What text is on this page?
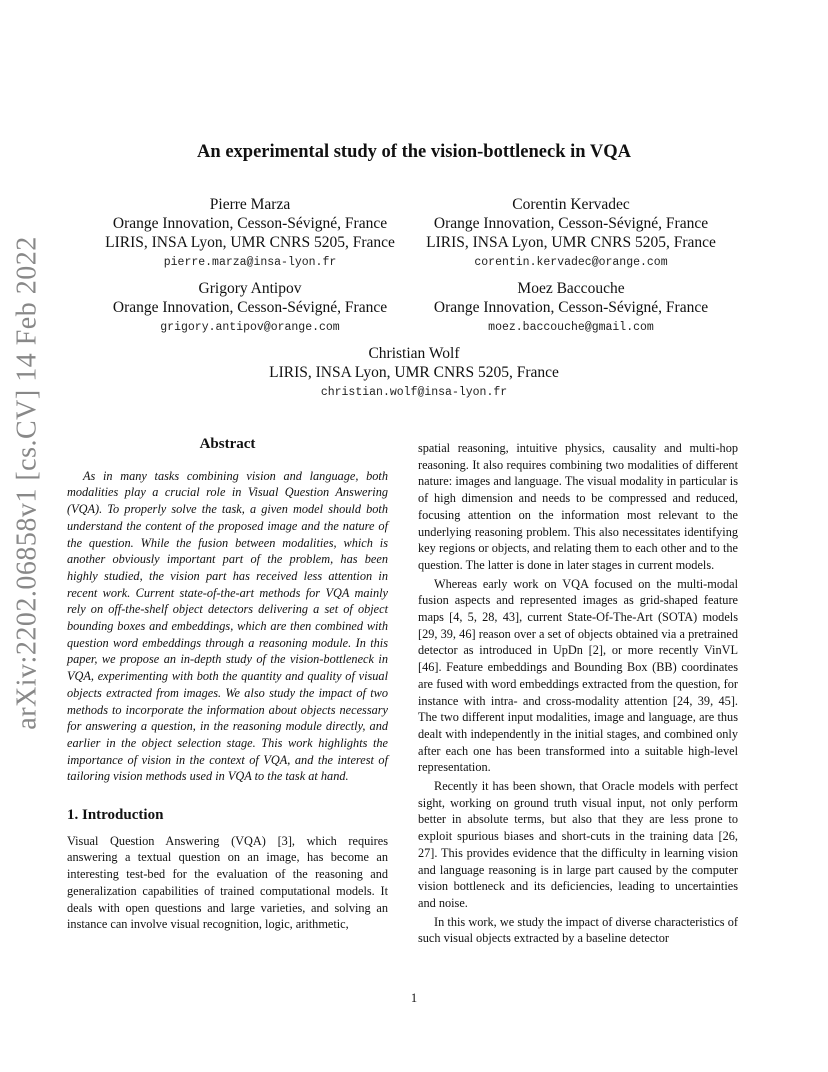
arXiv:2202.06858v1 [cs.CV] 14 Feb 2022
An experimental study of the vision-bottleneck in VQA
Pierre Marza
Orange Innovation, Cesson-Sévigné, France
LIRIS, INSA Lyon, UMR CNRS 5205, France
pierre.marza@insa-lyon.fr
Corentin Kervadec
Orange Innovation, Cesson-Sévigné, France
LIRIS, INSA Lyon, UMR CNRS 5205, France
corentin.kervadec@orange.com
Grigory Antipov
Orange Innovation, Cesson-Sévigné, France
grigory.antipov@orange.com
Moez Baccouche
Orange Innovation, Cesson-Sévigné, France
moez.baccouche@gmail.com
Christian Wolf
LIRIS, INSA Lyon, UMR CNRS 5205, France
christian.wolf@insa-lyon.fr
Abstract

As in many tasks combining vision and language, both modalities play a crucial role in Visual Question Answering (VQA). To properly solve the task, a given model should both understand the content of the proposed image and the nature of the question. While the fusion between modalities, which is another obviously important part of the problem, has been highly studied, the vision part has received less attention in recent work. Current state-of-the-art methods for VQA mainly rely on off-the-shelf object detectors delivering a set of object bounding boxes and embeddings, which are then combined with question word embeddings through a reasoning module. In this paper, we propose an in-depth study of the vision-bottleneck in VQA, experimenting with both the quantity and quality of visual objects extracted from images. We also study the impact of two methods to incorporate the information about objects necessary for answering a question, in the reasoning module directly, and earlier in the object selection stage. This work highlights the importance of vision in the context of VQA, and the interest of tailoring vision methods used in VQA to the task at hand.

1. Introduction

Visual Question Answering (VQA) [3], which requires answering a textual question on an image, has become an interesting test-bed for the evaluation of the reasoning and generalization capabilities of trained computational models. It deals with open questions and large varieties, and solving an instance can involve visual recognition, logic, arithmetic,

spatial reasoning, intuitive physics, causality and multi-hop reasoning. It also requires combining two modalities of different nature: images and language. The visual modality in particular is of high dimension and needs to be compressed and reduced, focusing attention on the information most relevant to the underlying reasoning problem. This also necessitates identifying key regions or objects, and relating them to each other and to the question. The latter is done in later stages in current models.

Whereas early work on VQA focused on the multi-modal fusion aspects and represented images as grid-shaped feature maps [4, 5, 28, 43], current State-Of-The-Art (SOTA) models [29, 39, 46] reason over a set of objects obtained via a pretrained detector as introduced in UpDn [2], or more recently VinVL [46]. Feature embeddings and Bounding Box (BB) coordinates are fused with word embeddings extracted from the question, for instance with intra- and cross-modality attention [24, 39, 45]. The two different input modalities, image and language, are thus dealt with independently in the initial stages, and combined only after each one has been transformed into a suitable high-level representation.

Recently it has been shown, that Oracle models with perfect sight, working on ground truth visual input, not only perform better in absolute terms, but also that they are less prone to exploit spurious biases and short-cuts in the training data [26, 27]. This provides evidence that the difficulty in learning vision and language reasoning is in large part caused by the computer vision bottleneck and its deficiencies, leading to uncertainties and noise.

In this work, we study the impact of diverse characteristics of such visual objects extracted by a baseline detector

1
